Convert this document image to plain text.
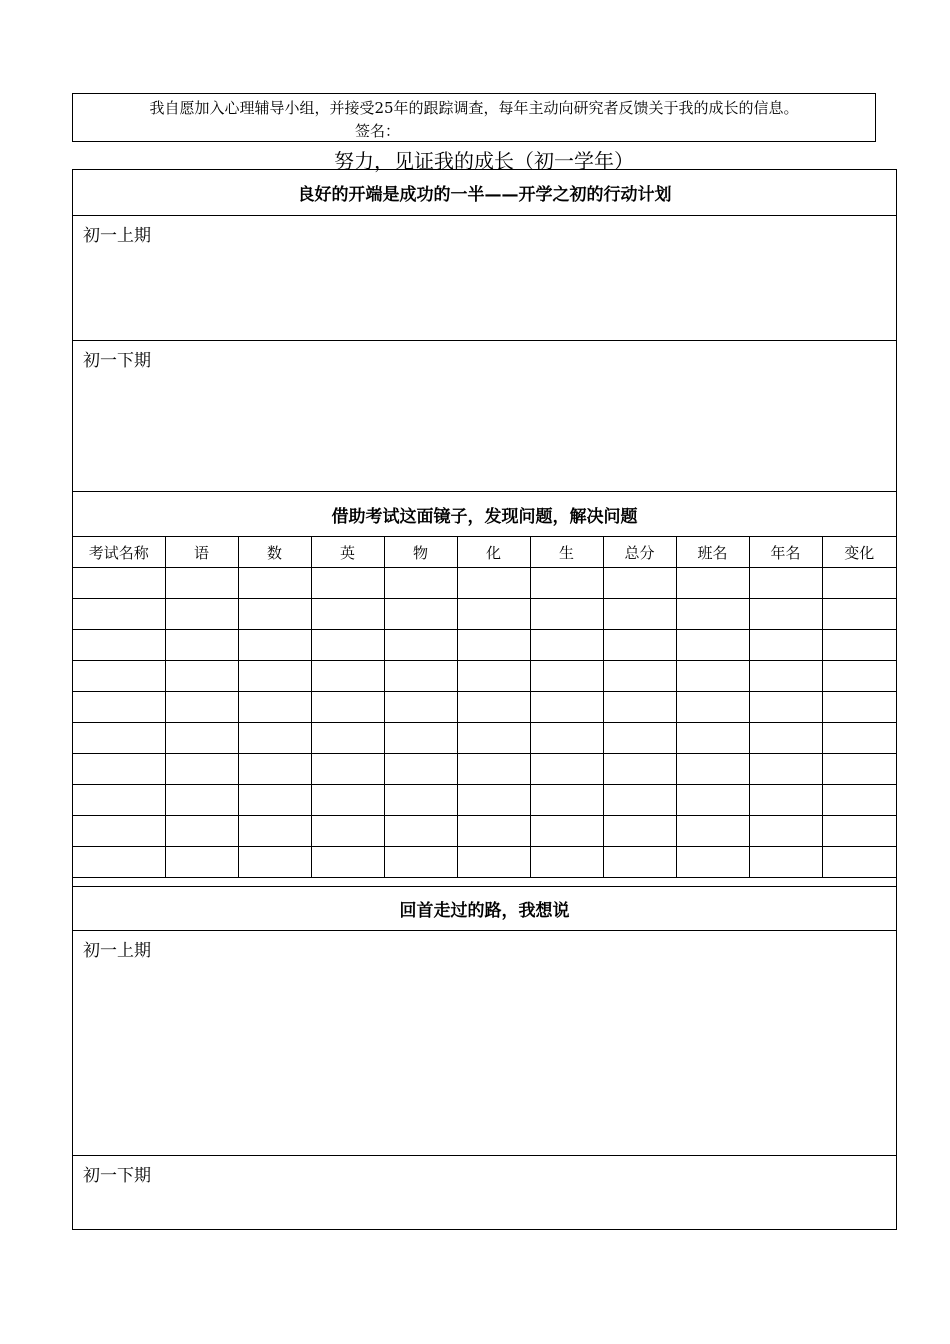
我自愿加入心理辅导小组，并接受25年的跟踪调查，每年主动向研究者反馈关于我的成长的信息。
签名：
努力，见证我的成长（初一学年）
良好的开端是成功的一半——开学之初的行动计划
初一上期
初一下期
借助考试这面镜子，发现问题，解决问题
考试名称	语	数	英	物	化	生	总分	班名	年名	变化

回首走过的路，我想说
初一上期
初一下期
